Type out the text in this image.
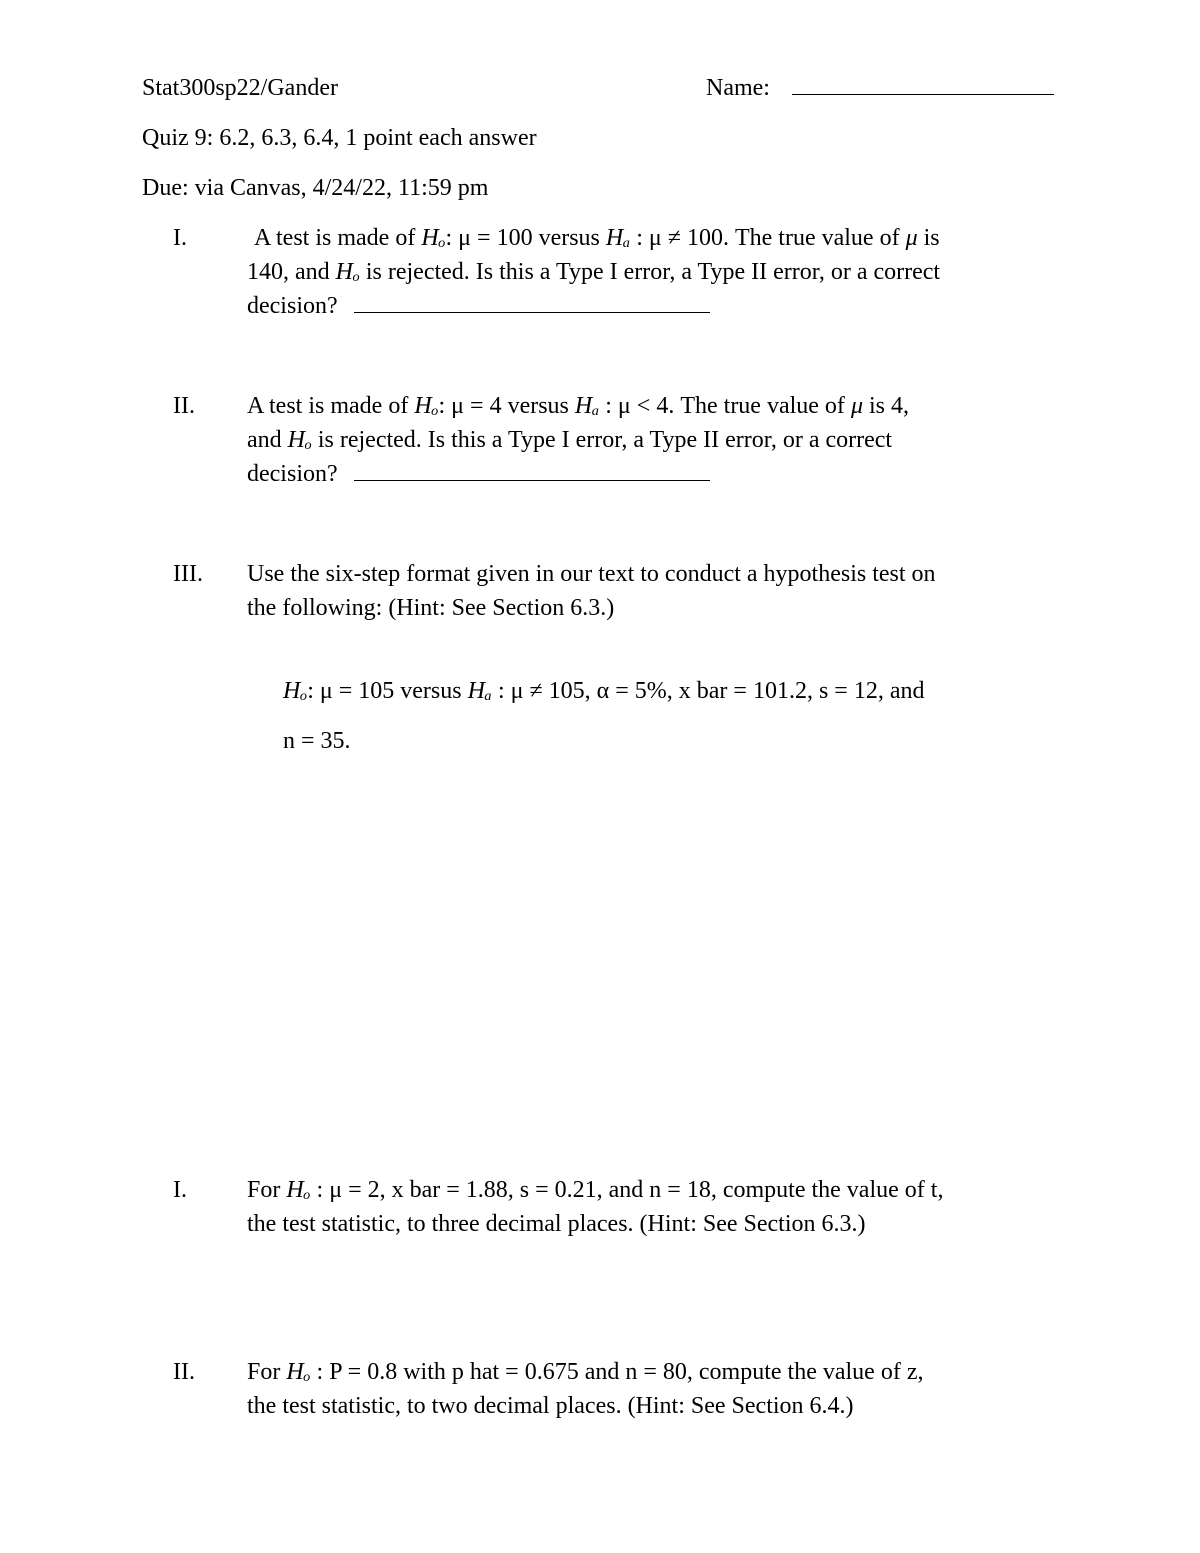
Stat300sp22/Gander	Name:
Quiz 9: 6.2, 6.3, 6.4, 1 point each answer
Due: via Canvas, 4/24/22, 11:59 pm
I.	A test is made of Hₒ: μ = 100 versus Hₐ : μ ≠ 100. The true value of μ is
140, and Hₒ is rejected. Is this a Type I error, a Type II error, or a correct
decision?
II. A test is made of Hₒ: μ = 4 versus Hₐ : μ < 4. The true value of μ is 4,
and Hₒ is rejected. Is this a Type I error, a Type II error, or a correct
decision?
III. Use the six-step format given in our text to conduct a hypothesis test on
the following: (Hint: See Section 6.3.)
Hₒ: μ = 105 versus Hₐ : μ ≠ 105, α = 5%, x bar = 101.2, s = 12, and
n = 35.
I.	For Hₒ : μ = 2, x bar = 1.88, s = 0.21, and n = 18, compute the value of t,
the test statistic, to three decimal places. (Hint: See Section 6.3.)
II. For Hₒ : P = 0.8 with p hat = 0.675 and n = 80, compute the value of z,
the test statistic, to two decimal places. (Hint: See Section 6.4.)
